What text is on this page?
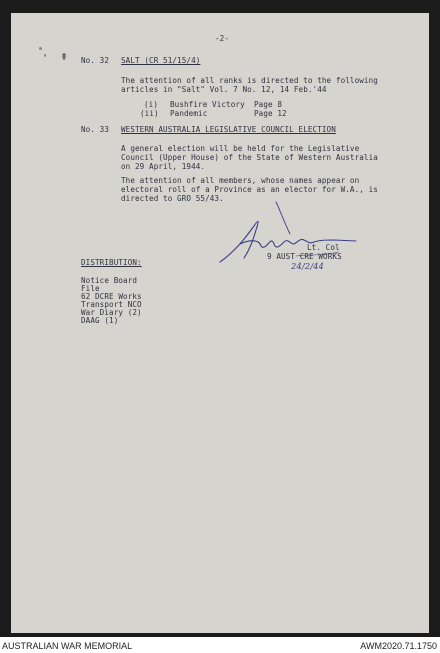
-2-
ǂ No. 32 SALT (CR 51/15/4)
The attention of all ranks is directed to the following
articles in "Salt" Vol. 7 No. 12, 14 Feb.'44
(i) Bushfire Victory Page 8
(ii) Pandemic	Page 12
No. 33 WESTERN AUSTRALIA LEGISLATIVE COUNCIL ELECTION
A general election will be held for the Legislative
Council (Upper House) of the State of Western Australia
on 29 April, 1944.
The attention of all members, whose names appear on
electoral roll of a Province as an elector for W.A., is
directed to GRO 55/43.
Lt. Col
9 AUST CRE WORKS
24/2/44
DISTRIBUTION:
Notice Board
File
62 DCRE Works
Transport NCO
War Diary (2)
DAAG (1)
AUSTRALIAN WAR MEMORIAL	AWM2020.71.1750
